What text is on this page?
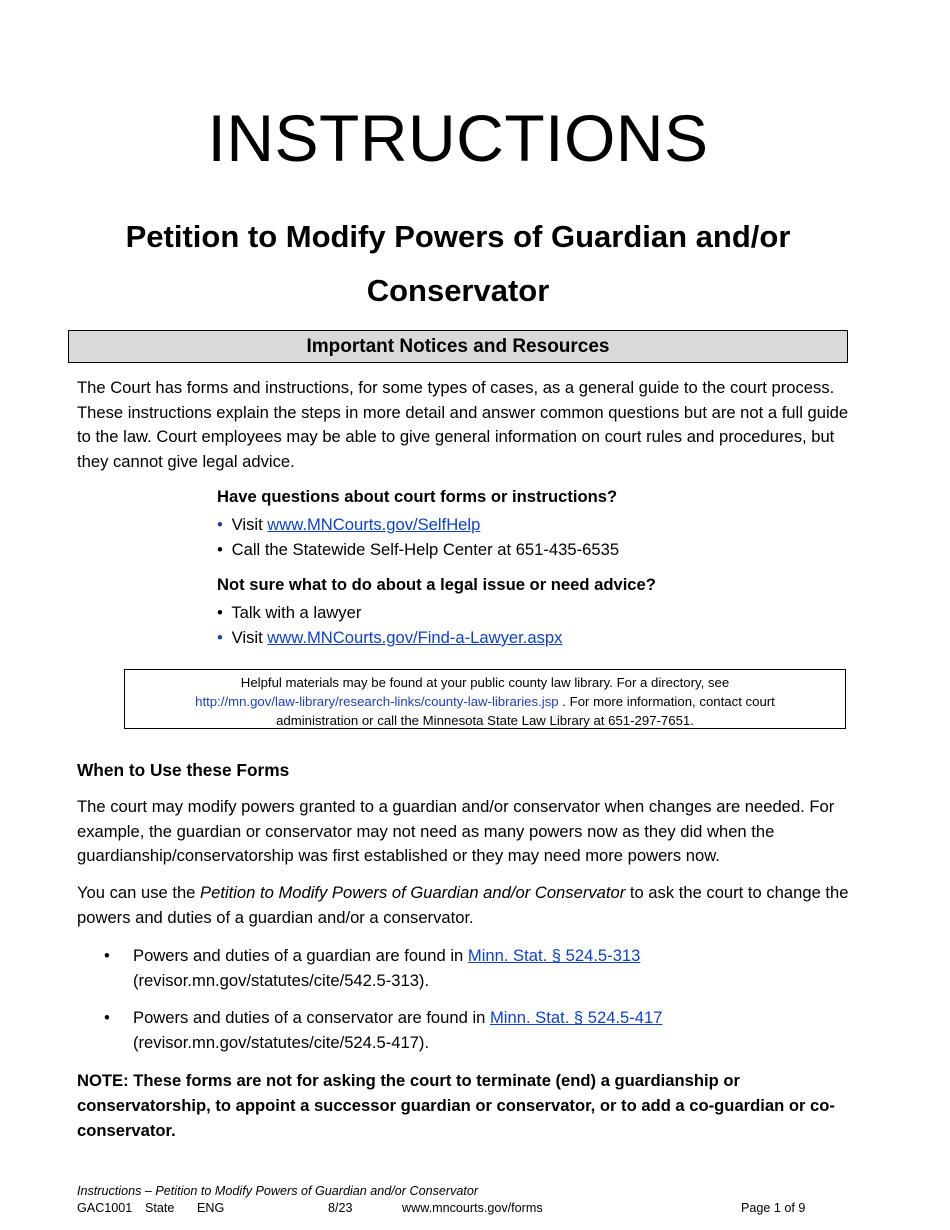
INSTRUCTIONS
Petition to Modify Powers of Guardian and/or
Conservator
Important Notices and Resources
The Court has forms and instructions, for some types of cases, as a general guide to the court process. These instructions explain the steps in more detail and answer common questions but are not a full guide to the law. Court employees may be able to give general information on court rules and procedures, but they cannot give legal advice.
Have questions about court forms or instructions?
• Visit www.MNCourts.gov/SelfHelp
• Call the Statewide Self-Help Center at 651-435-6535
Not sure what to do about a legal issue or need advice?
• Talk with a lawyer
• Visit www.MNCourts.gov/Find-a-Lawyer.aspx
Helpful materials may be found at your public county law library. For a directory, see
http://mn.gov/law-library/research-links/county-law-libraries.jsp . For more information, contact court
administration or call the Minnesota State Law Library at 651-297-7651.
When to Use these Forms
The court may modify powers granted to a guardian and/or conservator when changes are needed. For example, the guardian or conservator may not need as many powers now as they did when the guardianship/conservatorship was first established or they may need more powers now.
You can use the Petition to Modify Powers of Guardian and/or Conservator to ask the court to change the powers and duties of a guardian and/or a conservator.
• Powers and duties of a guardian are found in Minn. Stat. § 524.5-313
(revisor.mn.gov/statutes/cite/542.5-313).
• Powers and duties of a conservator are found in Minn. Stat. § 524.5-417
(revisor.mn.gov/statutes/cite/524.5-417).
NOTE: These forms are not for asking the court to terminate (end) a guardianship or conservatorship, to appoint a successor guardian or conservator, or to add a co-guardian or co-conservator.
Instructions – Petition to Modify Powers of Guardian and/or Conservator
GAC1001 State ENG	8/23	www.mncourts.gov/forms	Page 1 of 9
